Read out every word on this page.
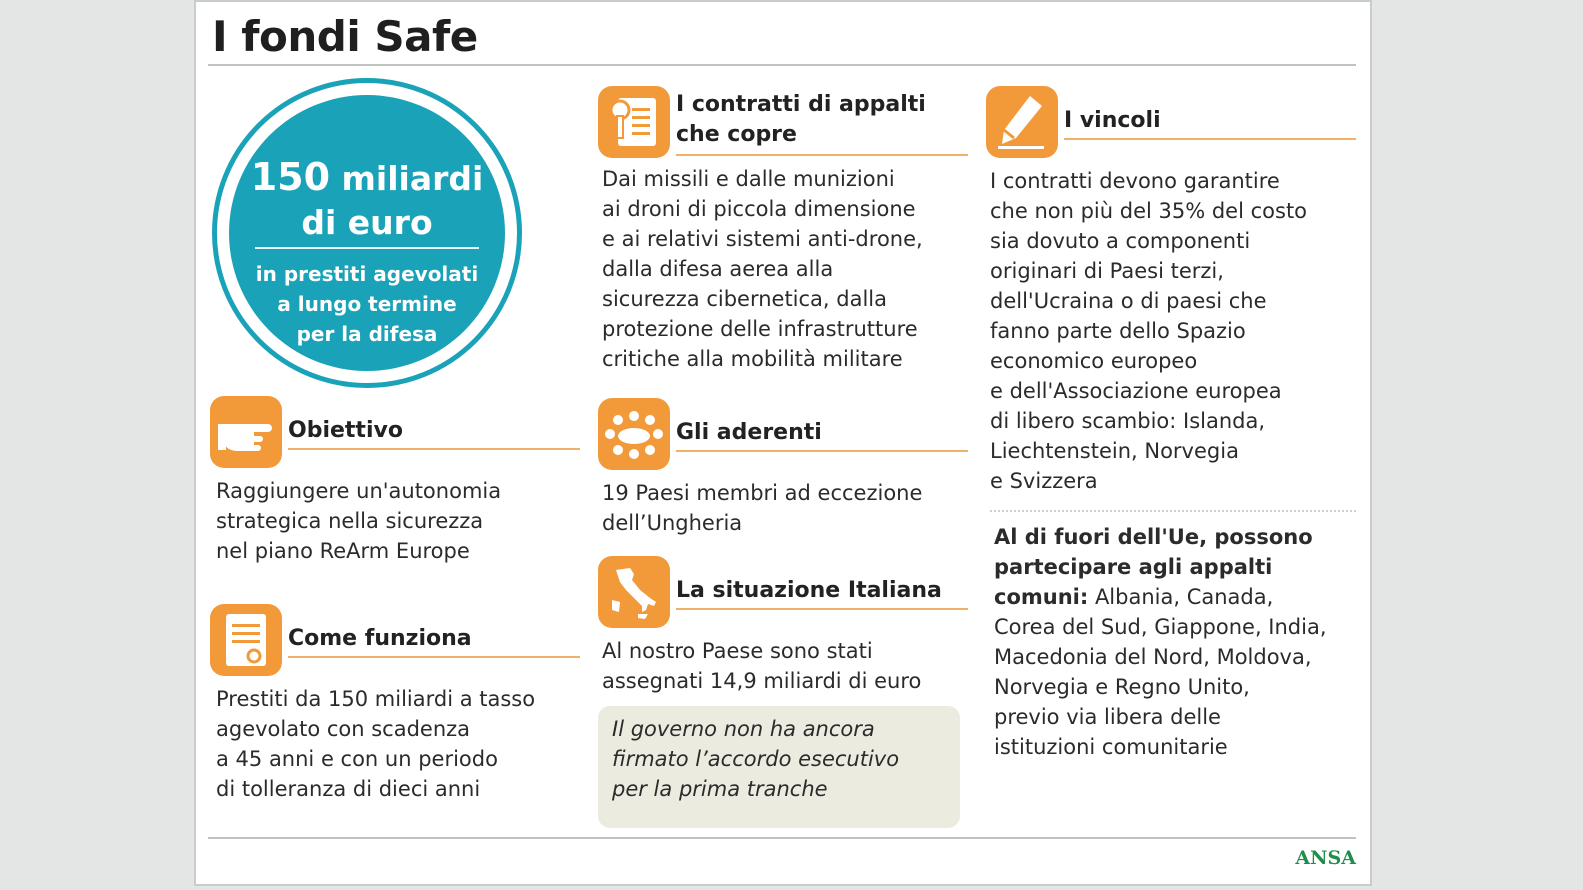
I fondi Safe
150 miliardi
di euro
in prestiti agevolati
a lungo termine
per la difesa
Obiettivo
Raggiungere un'autonomia
strategica nella sicurezza
nel piano ReArm Europe
Come funziona
Prestiti da 150 miliardi a tasso
agevolato con scadenza
a 45 anni e con un periodo
di tolleranza di dieci anni
I contratti di appalti
che copre
Dai missili e dalle munizioni
ai droni di piccola dimensione
e ai relativi sistemi anti-drone,
dalla difesa aerea alla
sicurezza cibernetica, dalla
protezione delle infrastrutture
critiche alla mobilità militare
Gli aderenti
19 Paesi membri ad eccezione
dell’Ungheria
La situazione Italiana
Al nostro Paese sono stati
assegnati 14,9 miliardi di euro
Il governo non ha ancora
firmato l’accordo esecutivo
per la prima tranche
I vincoli
I contratti devono garantire
che non più del 35% del costo
sia dovuto a componenti
originari di Paesi terzi,
dell'Ucraina o di paesi che
fanno parte dello Spazio
economico europeo
e dell'Associazione europea
di libero scambio: Islanda,
Liechtenstein, Norvegia
e Svizzera
Al di fuori dell'Ue, possono
partecipare agli appalti
comuni: Albania, Canada,
Corea del Sud, Giappone, India,
Macedonia del Nord, Moldova,
Norvegia e Regno Unito,
previo via libera delle
istituzioni comunitarie
ANSA
